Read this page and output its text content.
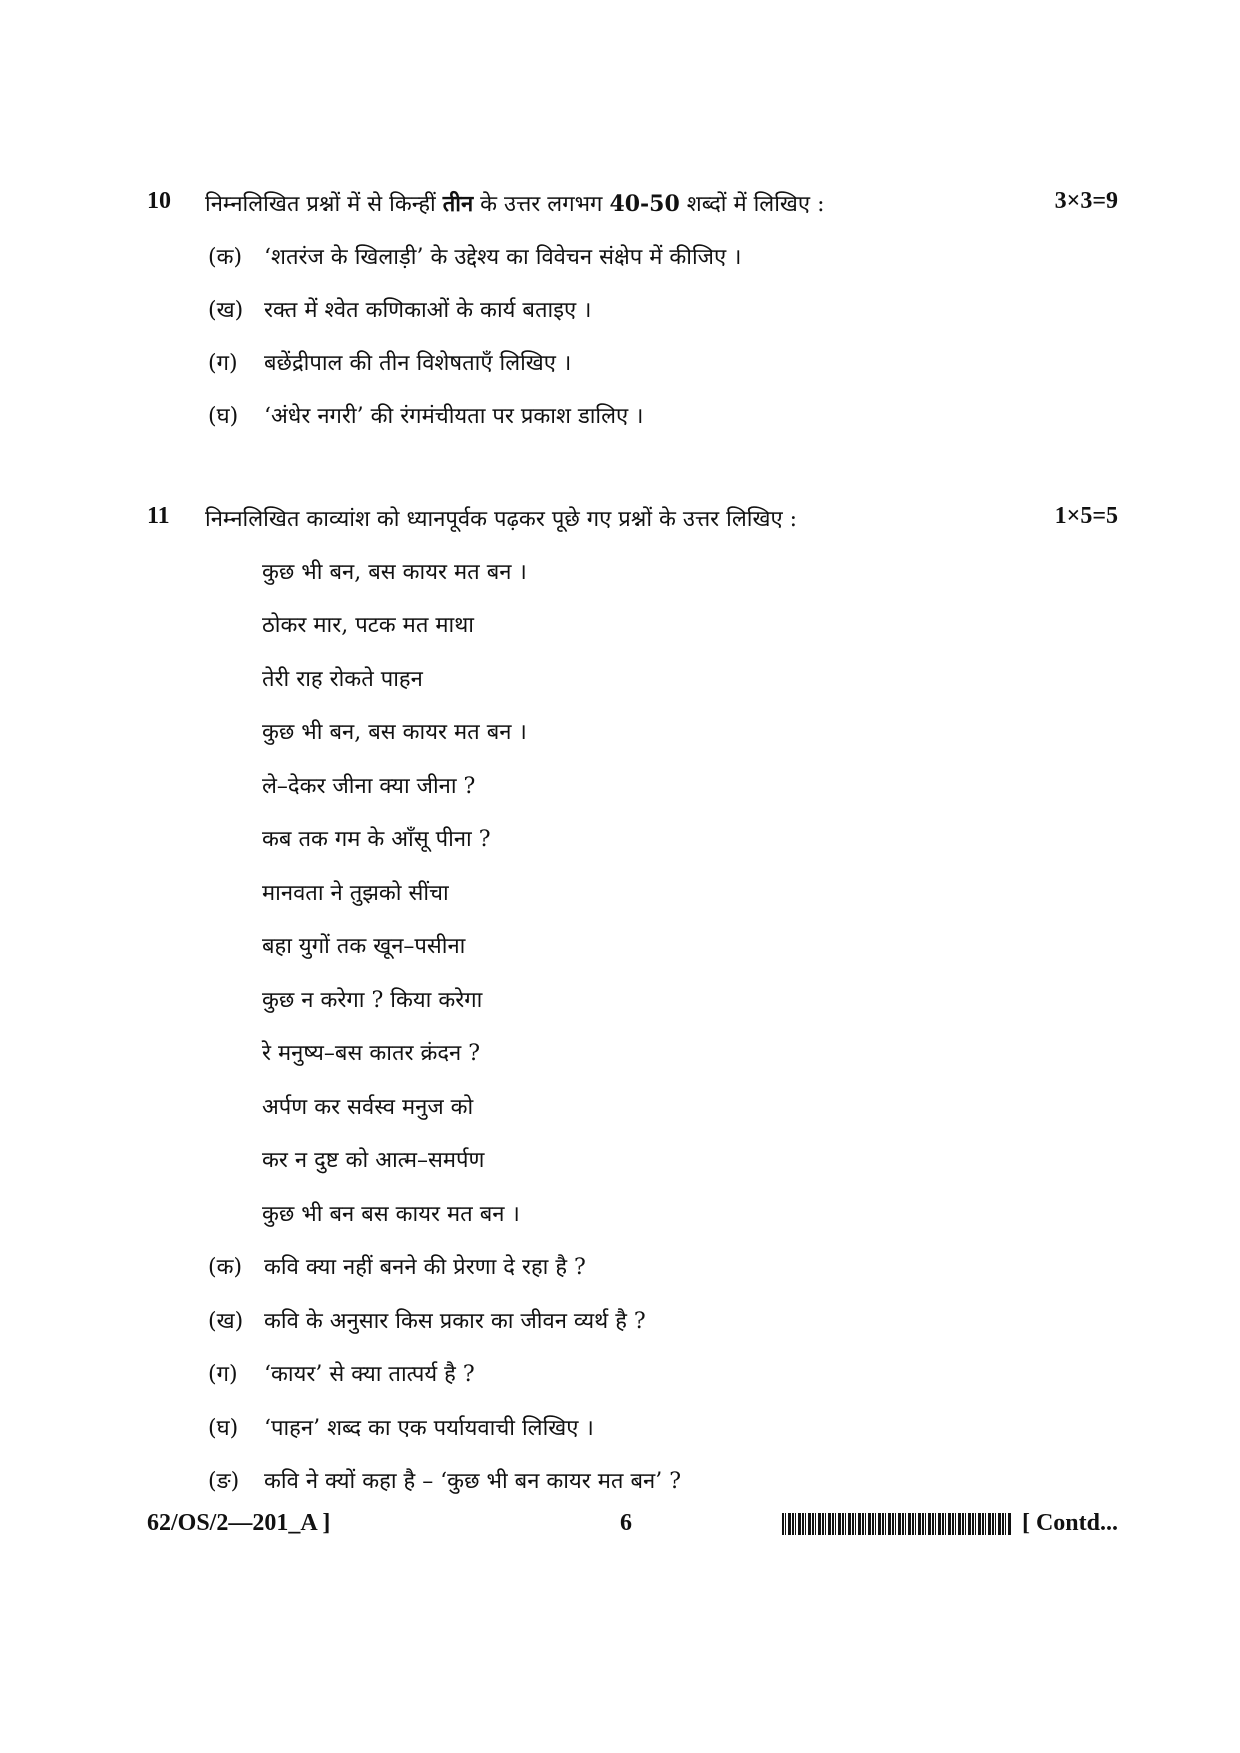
10 निम्नलिखित प्रश्नों में से किन्हीं तीन के उत्तर लगभग 40-50 शब्दों में लिखिए :	3×3=9
(क) ‘शतरंज के खिलाड़ी’ के उद्देश्य का विवेचन संक्षेप में कीजिए ।
(ख) रक्त में श्वेत कणिकाओं के कार्य बताइए ।
(ग) बछेंद्रीपाल की तीन विशेषताएँ लिखिए ।
(घ) ‘अंधेर नगरी’ की रंगमंचीयता पर प्रकाश डालिए ।
11 निम्नलिखित काव्यांश को ध्यानपूर्वक पढ़कर पूछे गए प्रश्नों के उत्तर लिखिए :	1×5=5
कुछ भी बन, बस कायर मत बन ।
ठोकर मार, पटक मत माथा
तेरी राह रोकते पाहन
कुछ भी बन, बस कायर मत बन ।
ले–देकर जीना क्या जीना ?
कब तक गम के आँसू पीना ?
मानवता ने तुझको सींचा
बहा युगों तक खून–पसीना
कुछ न करेगा ? किया करेगा
रे मनुष्य–बस कातर क्रंदन ?
अर्पण कर सर्वस्व मनुज को
कर न दुष्ट को आत्म–समर्पण
कुछ भी बन बस कायर मत बन ।
(क) कवि क्या नहीं बनने की प्रेरणा दे रहा है ?
(ख) कवि के अनुसार किस प्रकार का जीवन व्यर्थ है ?
(ग) ‘कायर’ से क्या तात्पर्य है ?
(घ) ‘पाहन’ शब्द का एक पर्यायवाची लिखिए ।
(ङ) कवि ने क्यों कहा है – ‘कुछ भी बन कायर मत बन’ ?
62/OS/2—201_A ]	6	[ Contd...
